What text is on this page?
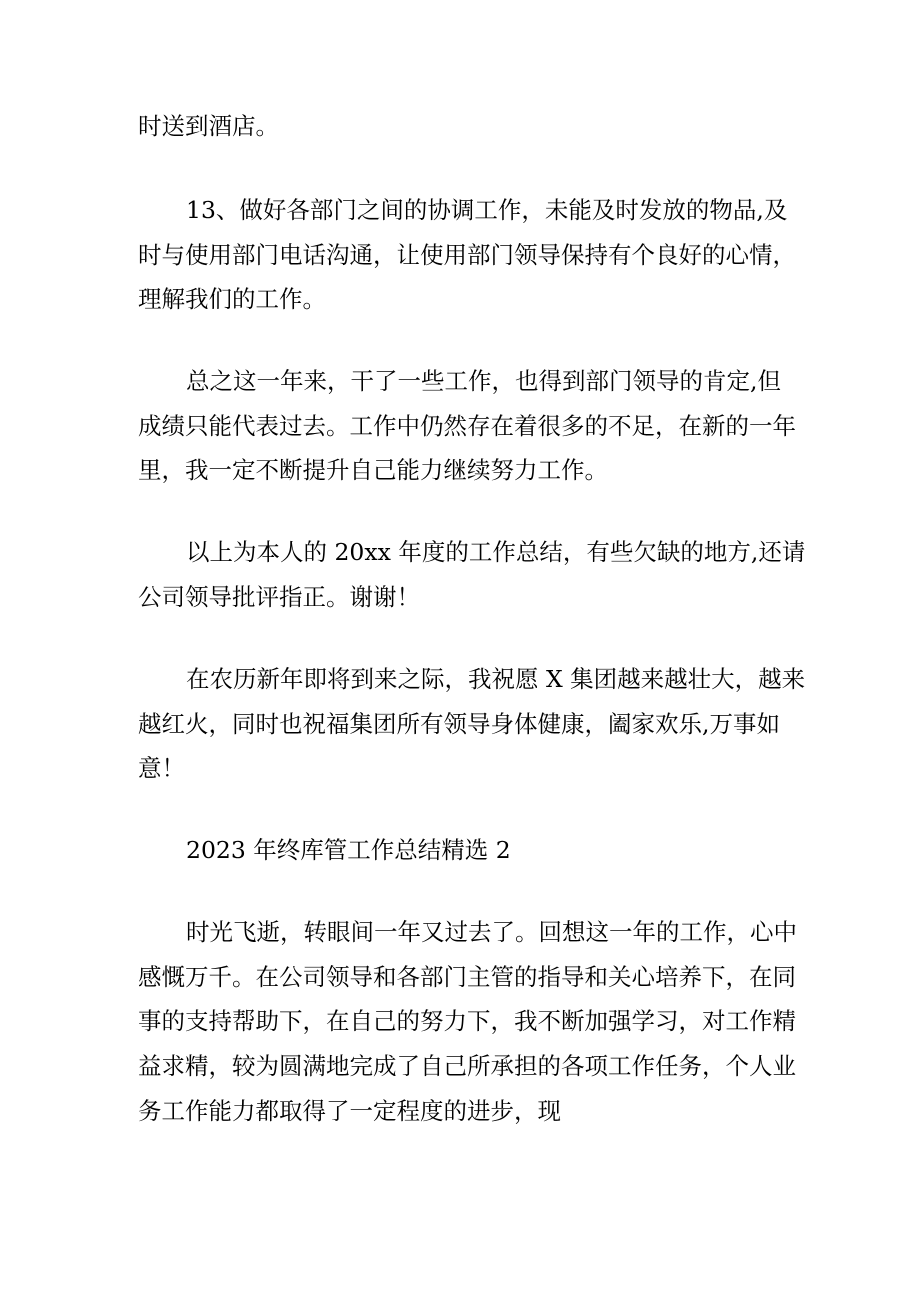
时送到酒店。
13、做好各部门之间的协调工作，未能及时发放的物品,及
时与使用部门电话沟通，让使用部门领导保持有个良好的心情，
理解我们的工作。
总之这一年来，干了一些工作，也得到部门领导的肯定,但
成绩只能代表过去。工作中仍然存在着很多的不足，在新的一年
里，我一定不断提升自己能力继续努力工作。
以上为本人的 20xx 年度的工作总结，有些欠缺的地方,还请
公司领导批评指正。谢谢！
在农历新年即将到来之际，我祝愿 X 集团越来越壮大，越来
越红火，同时也祝福集团所有领导身体健康，阖家欢乐,万事如
意！
2023 年终库管工作总结精选 2
时光飞逝，转眼间一年又过去了。回想这一年的工作，心中
感慨万千。在公司领导和各部门主管的指导和关心培养下，在同
事的支持帮助下，在自己的努力下，我不断加强学习，对工作精
益求精，较为圆满地完成了自己所承担的各项工作任务，个人业
务工作能力都取得了一定程度的进步，现
